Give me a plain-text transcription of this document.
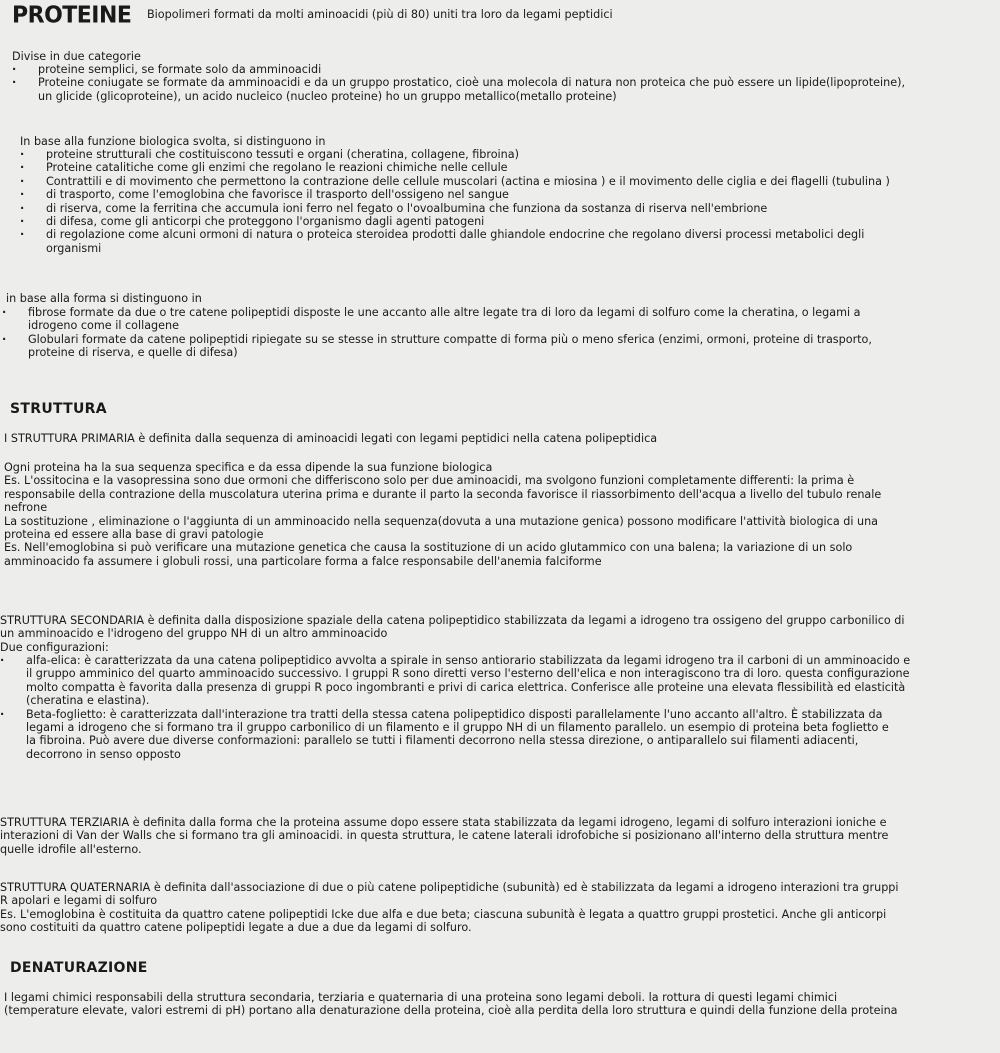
PROTEINE Biopolimeri formati da molti aminoacidi (più di 80) uniti tra loro da legami peptidici

Divise in due categorie

· proteine semplici, se formate solo da amminoacidi

· Proteine coniugate se formate da amminoacidi e da un gruppo prostatico, cioè una molecola di natura non proteica che può essere un lipide(lipoproteine),

un glicide (glicoproteine), un acido nucleico (nucleo proteine) ho un gruppo metallico(metallo proteine)

In base alla funzione biologica svolta, si distinguono in

· proteine strutturali che costituiscono tessuti e organi (cheratina, collagene, fibroina)

· Proteine catalitiche come gli enzimi che regolano le reazioni chimiche nelle cellule

· Contrattili e di movimento che permettono la contrazione delle cellule muscolari (actina e miosina ) e il movimento delle ciglia e dei flagelli (tubulina )

· di trasporto, come l'emoglobina che favorisce il trasporto dell'ossigeno nel sangue

· di riserva, come la ferritina che accumula ioni ferro nel fegato o l'ovoalbumina che funziona da sostanza di riserva nell'embrione

· di difesa, come gli anticorpi che proteggono l'organismo dagli agenti patogeni

· di regolazione come alcuni ormoni di natura o proteica steroidea prodotti dalle ghiandole endocrine che regolano diversi processi metabolici degli

organismi

in base alla forma si distinguono in

· fibrose formate da due o tre catene polipeptidi disposte le une accanto alle altre legate tra di loro da legami di solfuro come la cheratina, o legami a

idrogeno come il collagene

· Globulari formate da catene polipeptidi ripiegate su se stesse in strutture compatte di forma più o meno sferica (enzimi, ormoni, proteine di trasporto,

proteine di riserva, e quelle di difesa)

STRUTTURA

I STRUTTURA PRIMARIA è definita dalla sequenza di aminoacidi legati con legami peptidici nella catena polipeptidica

Ogni proteina ha la sua sequenza specifica e da essa dipende la sua funzione biologica

Es. L'ossitocina e la vasopressina sono due ormoni che differiscono solo per due aminoacidi, ma svolgono funzioni completamente differenti: la prima è

responsabile della contrazione della muscolatura uterina prima e durante il parto la seconda favorisce il riassorbimento dell'acqua a livello del tubulo renale

nefrone

La sostituzione , eliminazione o l'aggiunta di un amminoacido nella sequenza(dovuta a una mutazione genica) possono modificare l'attività biologica di una

proteina ed essere alla base di gravi patologie

Es. Nell'emoglobina si può verificare una mutazione genetica che causa la sostituzione di un acido glutammico con una balena; la variazione di un solo

amminoacido fa assumere i globuli rossi, una particolare forma a falce responsabile dell'anemia falciforme

STRUTTURA SECONDARIA è definita dalla disposizione spaziale della catena polipeptidico stabilizzata da legami a idrogeno tra ossigeno del gruppo carbonilico di

un amminoacido e l'idrogeno del gruppo NH di un altro amminoacido

Due configurazioni:

· alfa-elica: è caratterizzata da una catena polipeptidico avvolta a spirale in senso antiorario stabilizzata da legami idrogeno tra il carboni di un amminoacido e

il gruppo amminico del quarto amminoacido successivo. I gruppi R sono diretti verso l'esterno dell'elica e non interagiscono tra di loro. questa configurazione

molto compatta è favorita dalla presenza di gruppi R poco ingombranti e privi di carica elettrica. Conferisce alle proteine una elevata flessibilità ed elasticità

(cheratina e elastina).

· Beta-foglietto: è caratterizzata dall'interazione tra tratti della stessa catena polipeptidico disposti parallelamente l'uno accanto all'altro. È stabilizzata da

legami a idrogeno che si formano tra il gruppo carbonilico di un filamento e il gruppo NH di un filamento parallelo. un esempio di proteina beta foglietto e

la fibroina. Può avere due diverse conformazioni: parallelo se tutti i filamenti decorrono nella stessa direzione, o antiparallelo sui filamenti adiacenti,

decorrono in senso opposto

STRUTTURA TERZIARIA è definita dalla forma che la proteina assume dopo essere stata stabilizzata da legami idrogeno, legami di solfuro interazioni ioniche e

interazioni di Van der Walls che si formano tra gli aminoacidi. in questa struttura, le catene laterali idrofobiche si posizionano all'interno della struttura mentre

quelle idrofile all'esterno.

STRUTTURA QUATERNARIA è definita dall'associazione di due o più catene polipeptidiche (subunità) ed è stabilizzata da legami a idrogeno interazioni tra gruppi

R apolari e legami di solfuro

Es. L'emoglobina è costituita da quattro catene polipeptidi Icke due alfa e due beta; ciascuna subunità è legata a quattro gruppi prostetici. Anche gli anticorpi

sono costituiti da quattro catene polipeptidi legate a due a due da legami di solfuro.

DENATURAZIONE

I legami chimici responsabili della struttura secondaria, terziaria e quaternaria di una proteina sono legami deboli. la rottura di questi legami chimici

(temperature elevate, valori estremi di pH) portano alla denaturazione della proteina, cioè alla perdita della loro struttura e quindi della funzione della proteina
